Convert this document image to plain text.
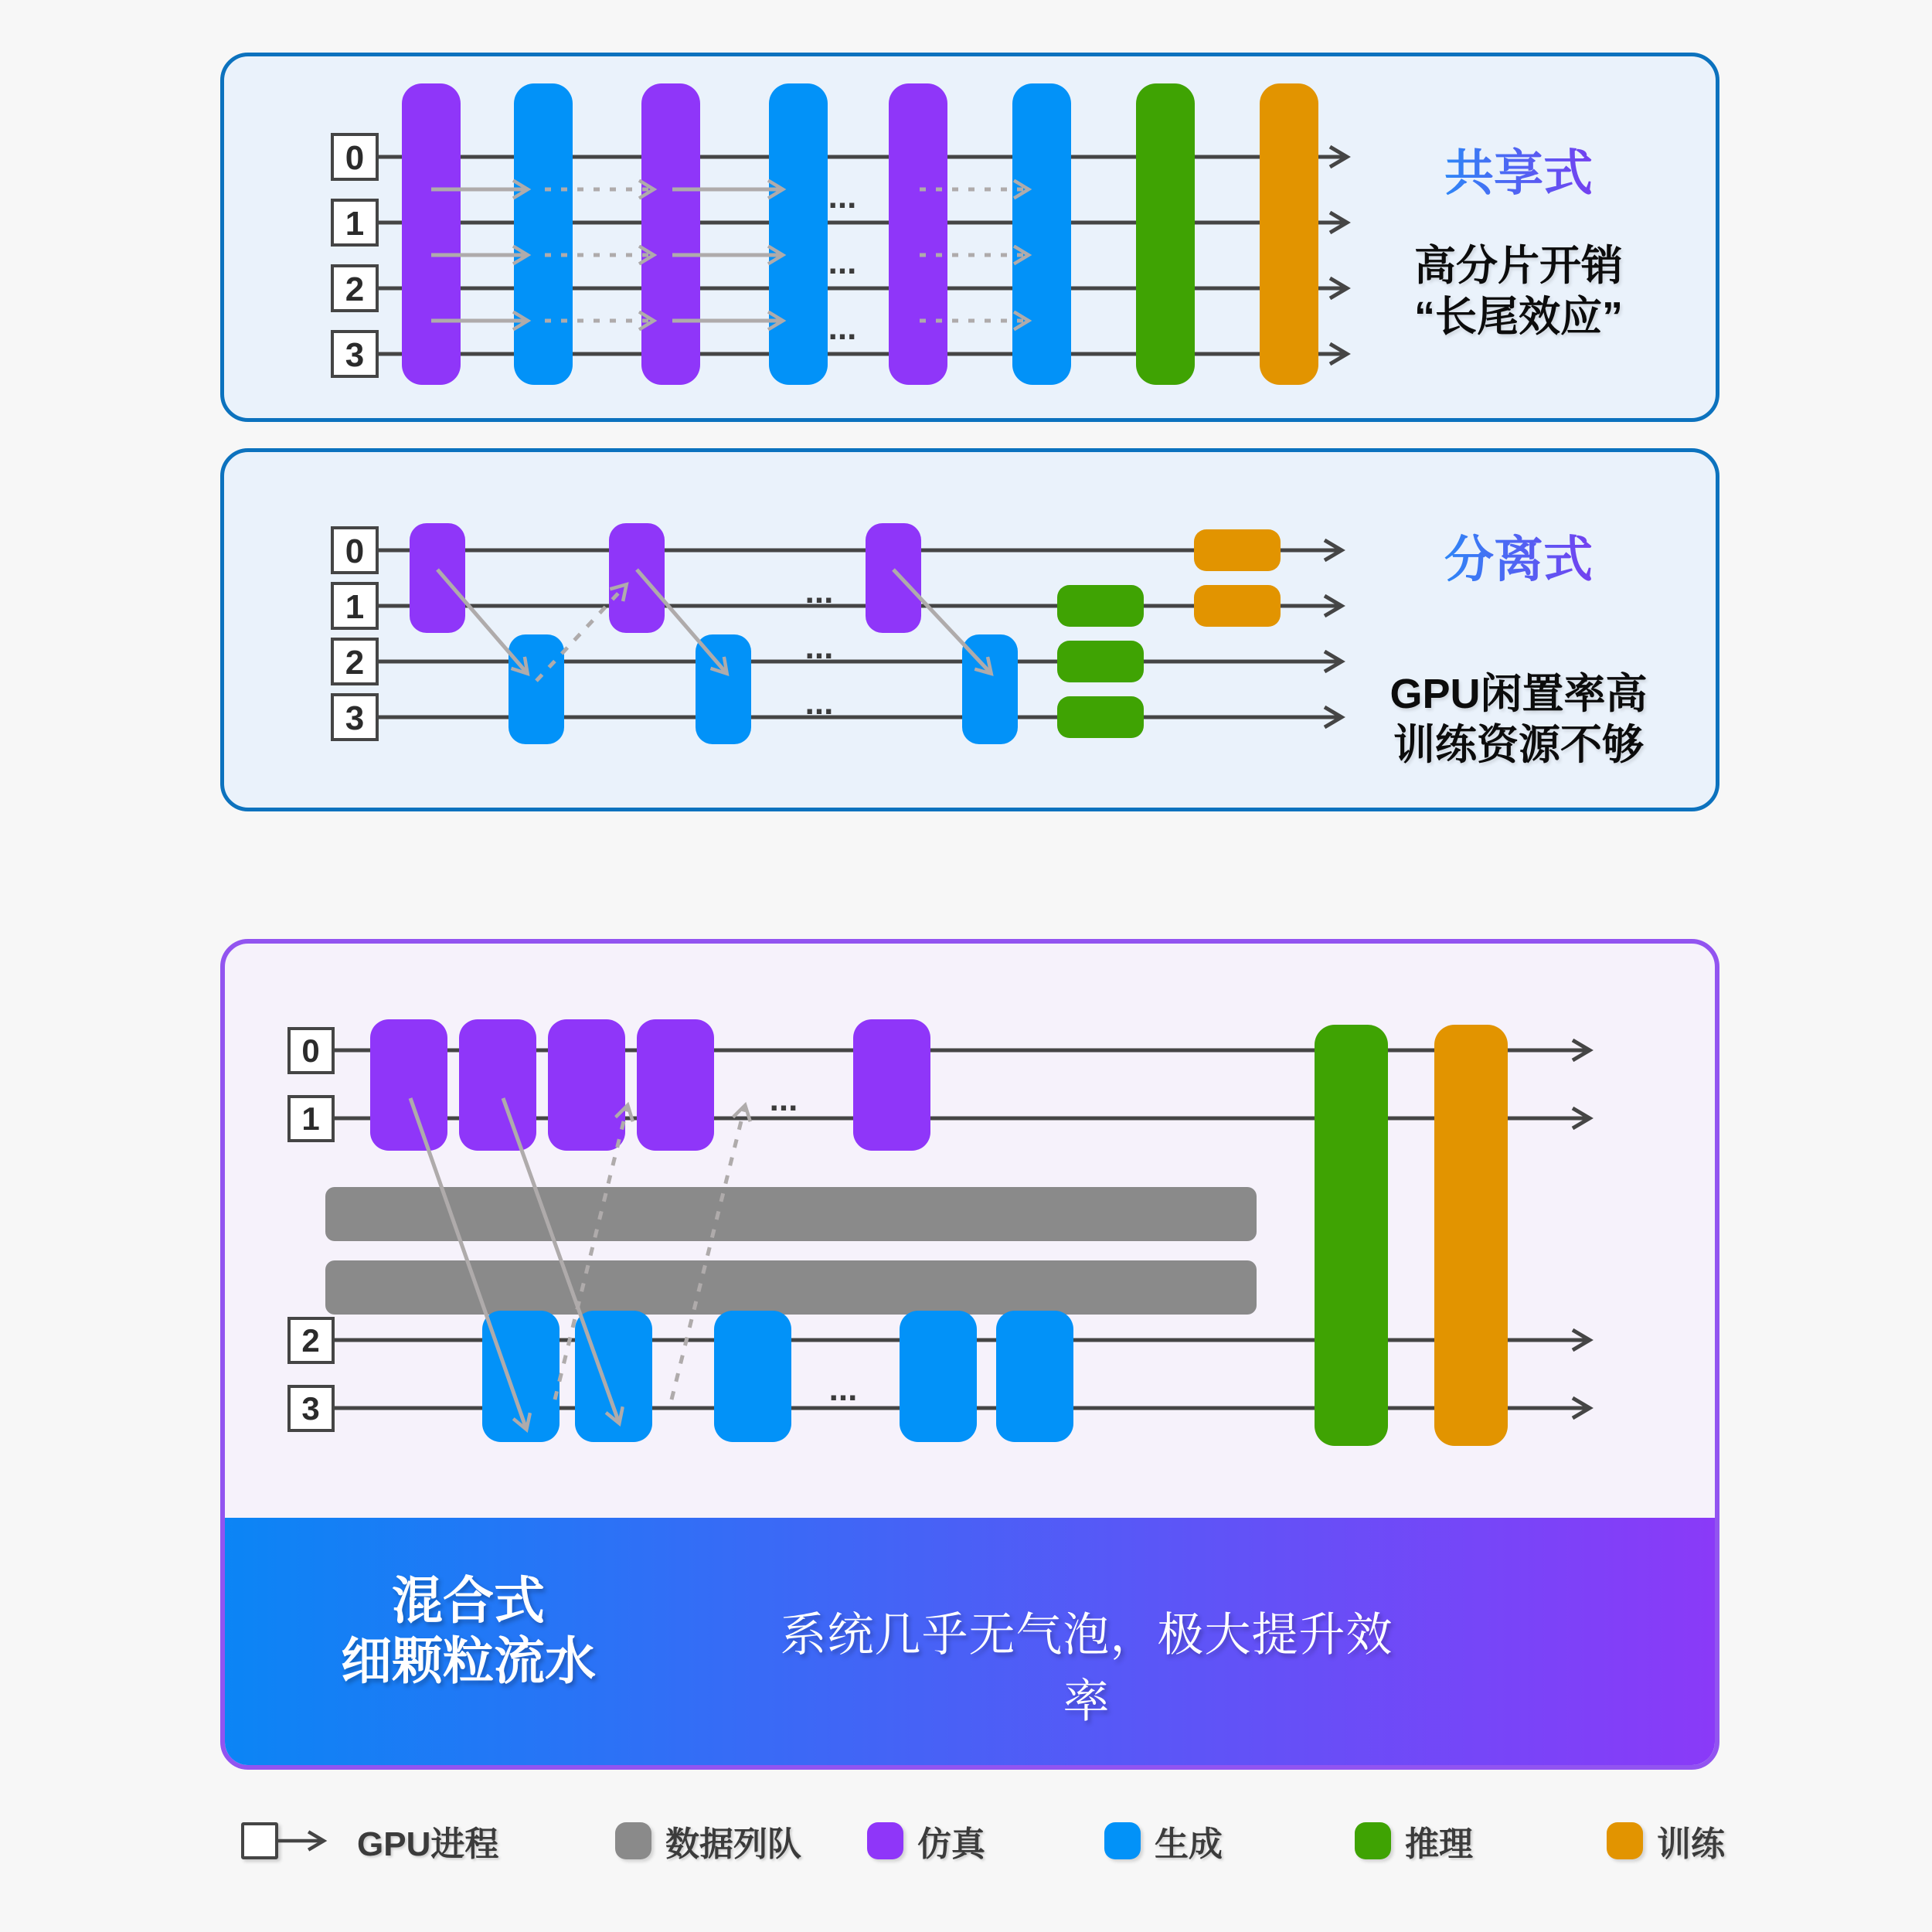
0
1
2
3
...
...
...
共享式
高分片开销
“长尾效应”
0
1
2
3
...
...
...
分离式
GPU闲置率高
训练资源不够
0
1
2
3
...
...
混合式
细颗粒流水	系统几乎无气泡，极大提升效率
GPU进程	数据列队	仿真	生成	推理	训练
